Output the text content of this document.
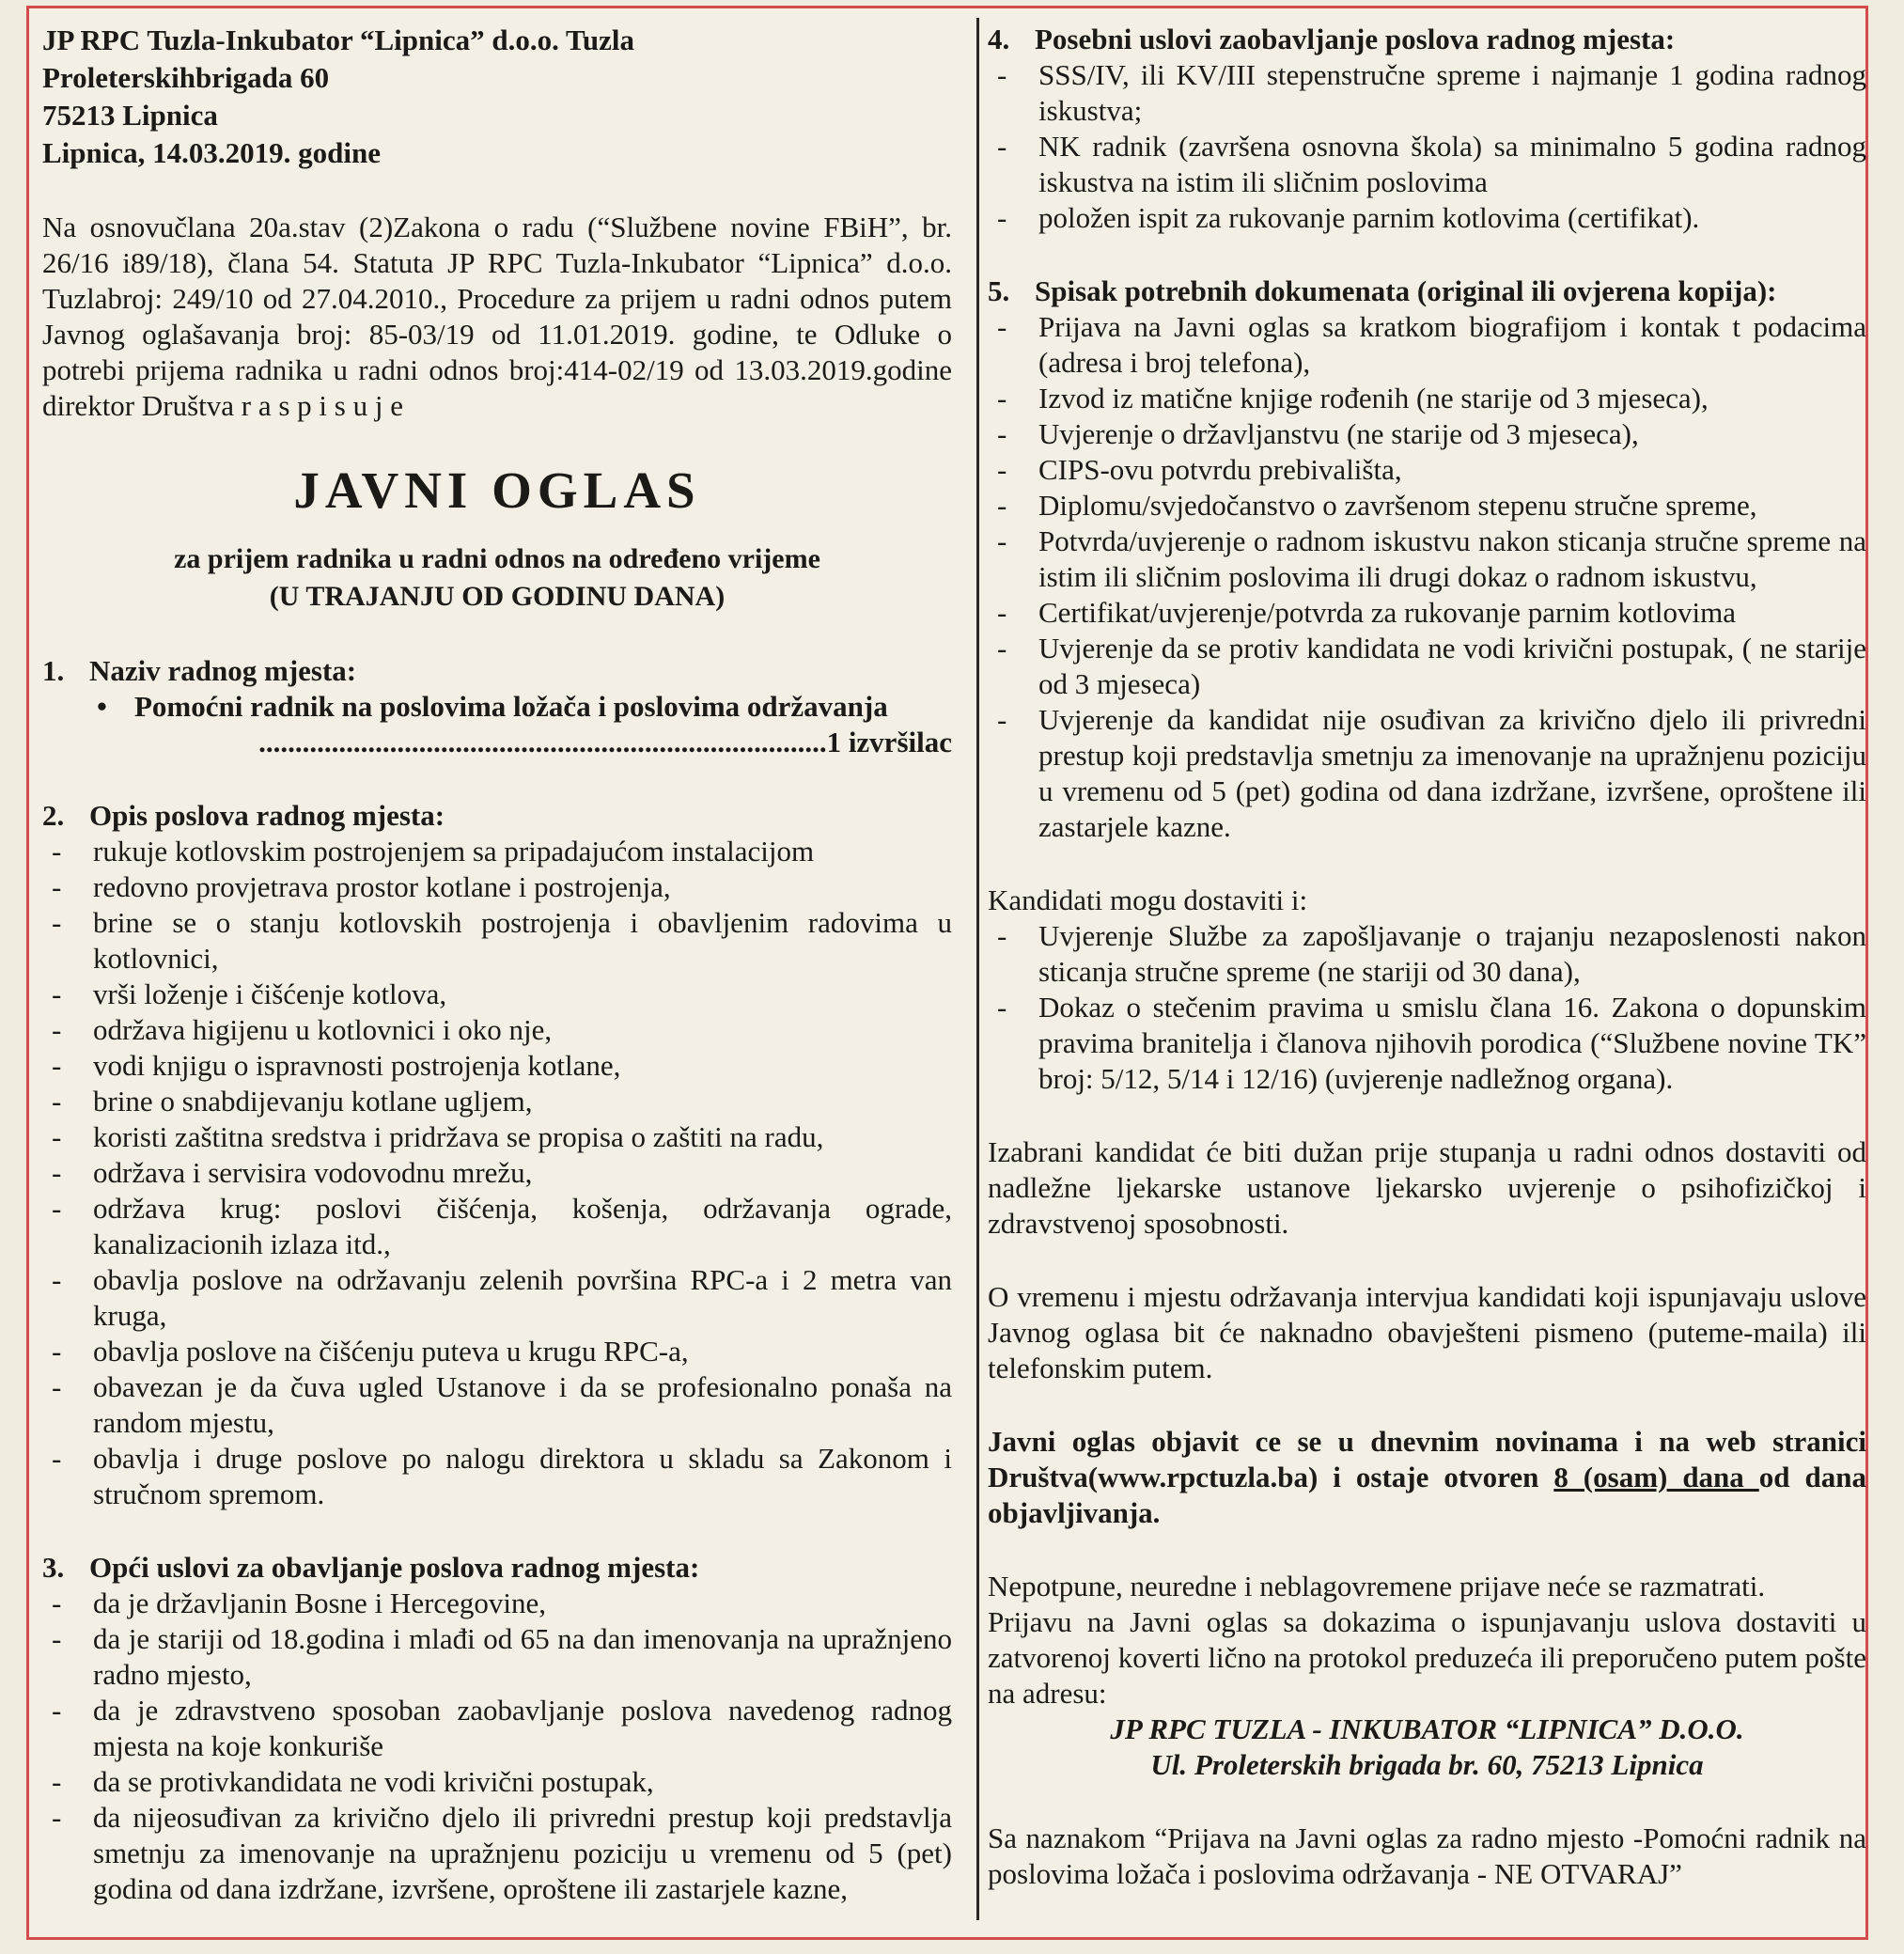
JP RPC Tuzla-Inkubator “Lipnica” d.o.o. Tuzla
Proleterskihbrigada 60
75213 Lipnica
Lipnica, 14.03.2019. godine

Na osnovučlana 20a.stav (2)Zakona o radu (“Službene novine FBiH”, br. 26/16 i89/18), člana 54. Statuta JP RPC Tuzla-Inkubator “Lipnica” d.o.o. Tuzlabroj: 249/10 od 27.04.2010., Procedure za prijem u radni odnos putem Javnog oglašavanja broj: 85-03/19 od 11.01.2019. godine, te Odluke o potrebi prijema radnika u radni odnos broj:414-02/19 od 13.03.2019.godine direktor Društva r a s p i s u j e

JAVNI OGLAS
za prijem radnika u radni odnos na određeno vrijeme
(U TRAJANJU OD GODINU DANA)
1. Naziv radnog mjesta:
• Pomoćni radnik na poslovima ložača i poslovima održavanja
..............................................................................1 izvršilac
2. Opis poslova radnog mjesta:
- rukuje kotlovskim postrojenjem sa pripadajućom instalacijom
- redovno provjetrava prostor kotlane i postrojenja,
- brine se o stanju kotlovskih postrojenja i obavljenim radovima u kotlovnici,
- vrši loženje i čišćenje kotlova,
- održava higijenu u kotlovnici i oko nje,
- vodi knjigu o ispravnosti postrojenja kotlane,
- brine o snabdijevanju kotlane ugljem,
- koristi zaštitna sredstva i pridržava se propisa o zaštiti na radu,
- održava i servisira vodovodnu mrežu,
- održava krug: poslovi čišćenja, košenja, održavanja ograde, kanalizacionih izlaza itd.,
- obavlja poslove na održavanju zelenih površina RPC-a i 2 metra van kruga,
- obavlja poslove na čišćenju puteva u krugu RPC-a,
- obavezan je da čuva ugled Ustanove i da se profesionalno ponaša na random mjestu,
- obavlja i druge poslove po nalogu direktora u skladu sa Zakonom i stručnom spremom.
3. Opći uslovi za obavljanje poslova radnog mjesta:
- da je državljanin Bosne i Hercegovine,
- da je stariji od 18.godina i mlađi od 65 na dan imenovanja na upražnjeno radno mjesto,
- da je zdravstveno sposoban zaobavljanje poslova navedenog radnog mjesta na koje konkuriše
- da se protivkandidata ne vodi krivični postupak,
- da nijeosuđivan za krivično djelo ili privredni prestup koji predstavlja smetnju za imenovanje na upražnjenu poziciju u vremenu od 5 (pet) godina od dana izdržane, izvršene, oproštene ili zastarjele kazne,
4. Posebni uslovi zaobavljanje poslova radnog mjesta:
- SSS/IV, ili KV/III stepenstručne spreme i najmanje 1 godina radnog iskustva;
- NK radnik (završena osnovna škola) sa minimalno 5 godina radnog iskustva na istim ili sličnim poslovima
- položen ispit za rukovanje parnim kotlovima (certifikat).
5. Spisak potrebnih dokumenata (original ili ovjerena kopija):
- Prijava na Javni oglas sa kratkom biografijom i kontak t podacima (adresa i broj telefona),
- Izvod iz matične knjige rođenih (ne starije od 3 mjeseca),
- Uvjerenje o državljanstvu (ne starije od 3 mjeseca),
- CIPS-ovu potvrdu prebivališta,
- Diplomu/svjedočanstvo o završenom stepenu stručne spreme,
- Potvrda/uvjerenje o radnom iskustvu nakon sticanja stručne spreme na istim ili sličnim poslovima ili drugi dokaz o radnom iskustvu,
- Certifikat/uvjerenje/potvrda za rukovanje parnim kotlovima
- Uvjerenje da se protiv kandidata ne vodi krivični postupak, ( ne starije od 3 mjeseca)
- Uvjerenje da kandidat nije osuđivan za krivično djelo ili privredni prestup koji predstavlja smetnju za imenovanje na upražnjenu poziciju u vremenu od 5 (pet) godina od dana izdržane, izvršene, oproštene ili zastarjele kazne.
Kandidati mogu dostaviti i:
- Uvjerenje Službe za zapošljavanje o trajanju nezaposlenosti nakon sticanja stručne spreme (ne stariji od 30 dana),
- Dokaz o stečenim pravima u smislu člana 16. Zakona o dopunskim pravima branitelja i članova njihovih porodica (“Službene novine TK” broj: 5/12, 5/14 i 12/16) (uvjerenje nadležnog organa).

Izabrani kandidat će biti dužan prije stupanja u radni odnos dostaviti od nadležne ljekarske ustanove ljekarsko uvjerenje o psihofizičkoj i zdravstvenoj sposobnosti.

O vremenu i mjestu održavanja intervjua kandidati koji ispunjavaju uslove Javnog oglasa bit će naknadno obavješteni pismeno (puteme-maila) ili telefonskim putem.

Javni oglas objavit ce se u dnevnim novinama i na web stranici Društva(www.rpctuzla.ba) i ostaje otvoren 8 (osam) dana od dana objavljivanja.

Nepotpune, neuredne i neblagovremene prijave neće se razmatrati.

Prijavu na Javni oglas sa dokazima o ispunjavanju uslova dostaviti u zatvorenoj koverti lično na protokol preduzeća ili preporučeno putem pošte na adresu:

JP RPC TUZLA - INKUBATOR “LIPNICA” D.O.O.
Ul. Proleterskih brigada br. 60, 75213 Lipnica

Sa naznakom “Prijava na Javni oglas za radno mjesto -Pomoćni radnik na poslovima ložača i poslovima održavanja - NE OTVARAJ”
